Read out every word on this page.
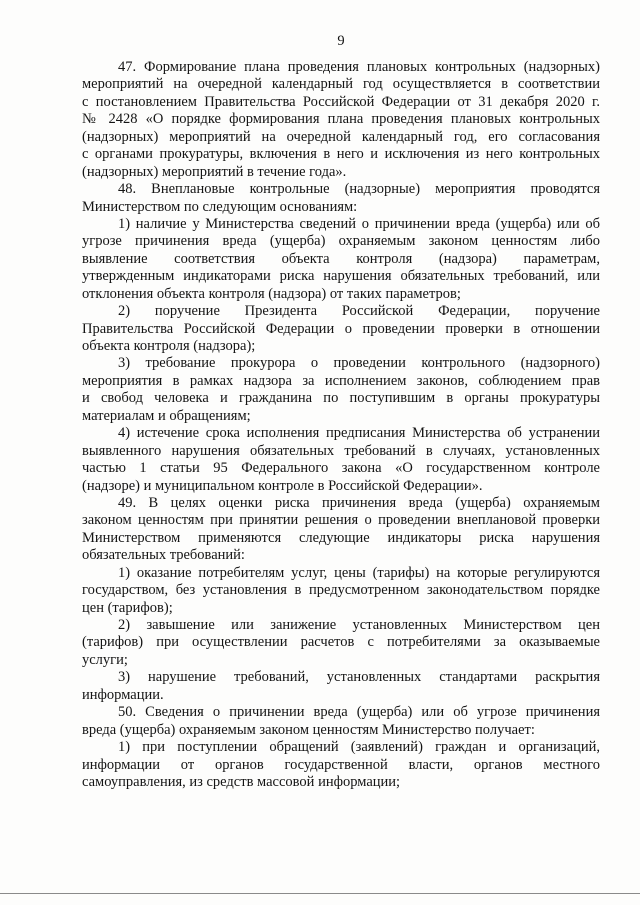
9
47. Формирование плана проведения плановых контрольных (надзорных)
мероприятий на очередной календарный год осуществляется в соответствии
с постановлением Правительства Российской Федерации от 31 декабря 2020 г.
№ 2428 «О порядке формирования плана проведения плановых контрольных
(надзорных) мероприятий на очередной календарный год, его согласования
с органами прокуратуры, включения в него и исключения из него контрольных
(надзорных) мероприятий в течение года».
48. Внеплановые контрольные (надзорные) мероприятия проводятся
Министерством по следующим основаниям:
1) наличие у Министерства сведений о причинении вреда (ущерба) или об
угрозе причинения вреда (ущерба) охраняемым законом ценностям либо
выявление соответствия объекта контроля (надзора) параметрам,
утвержденным индикаторами риска нарушения обязательных требований, или
отклонения объекта контроля (надзора) от таких параметров;
2) поручение Президента Российской Федерации, поручение
Правительства Российской Федерации о проведении проверки в отношении
объекта контроля (надзора);
3) требование прокурора о проведении контрольного (надзорного)
мероприятия в рамках надзора за исполнением законов, соблюдением прав
и свобод человека и гражданина по поступившим в органы прокуратуры
материалам и обращениям;
4) истечение срока исполнения предписания Министерства об устранении
выявленного нарушения обязательных требований в случаях, установленных
частью 1 статьи 95 Федерального закона «О государственном контроле
(надзоре) и муниципальном контроле в Российской Федерации».
49. В целях оценки риска причинения вреда (ущерба) охраняемым
законом ценностям при принятии решения о проведении внеплановой проверки
Министерством применяются следующие индикаторы риска нарушения
обязательных требований:
1) оказание потребителям услуг, цены (тарифы) на которые регулируются
государством, без установления в предусмотренном законодательством порядке
цен (тарифов);
2) завышение или занижение установленных Министерством цен
(тарифов) при осуществлении расчетов с потребителями за оказываемые
услуги;
3) нарушение требований, установленных стандартами раскрытия
информации.
50. Сведения о причинении вреда (ущерба) или об угрозе причинения
вреда (ущерба) охраняемым законом ценностям Министерство получает:
1) при поступлении обращений (заявлений) граждан и организаций,
информации от органов государственной власти, органов местного
самоуправления, из средств массовой информации;
